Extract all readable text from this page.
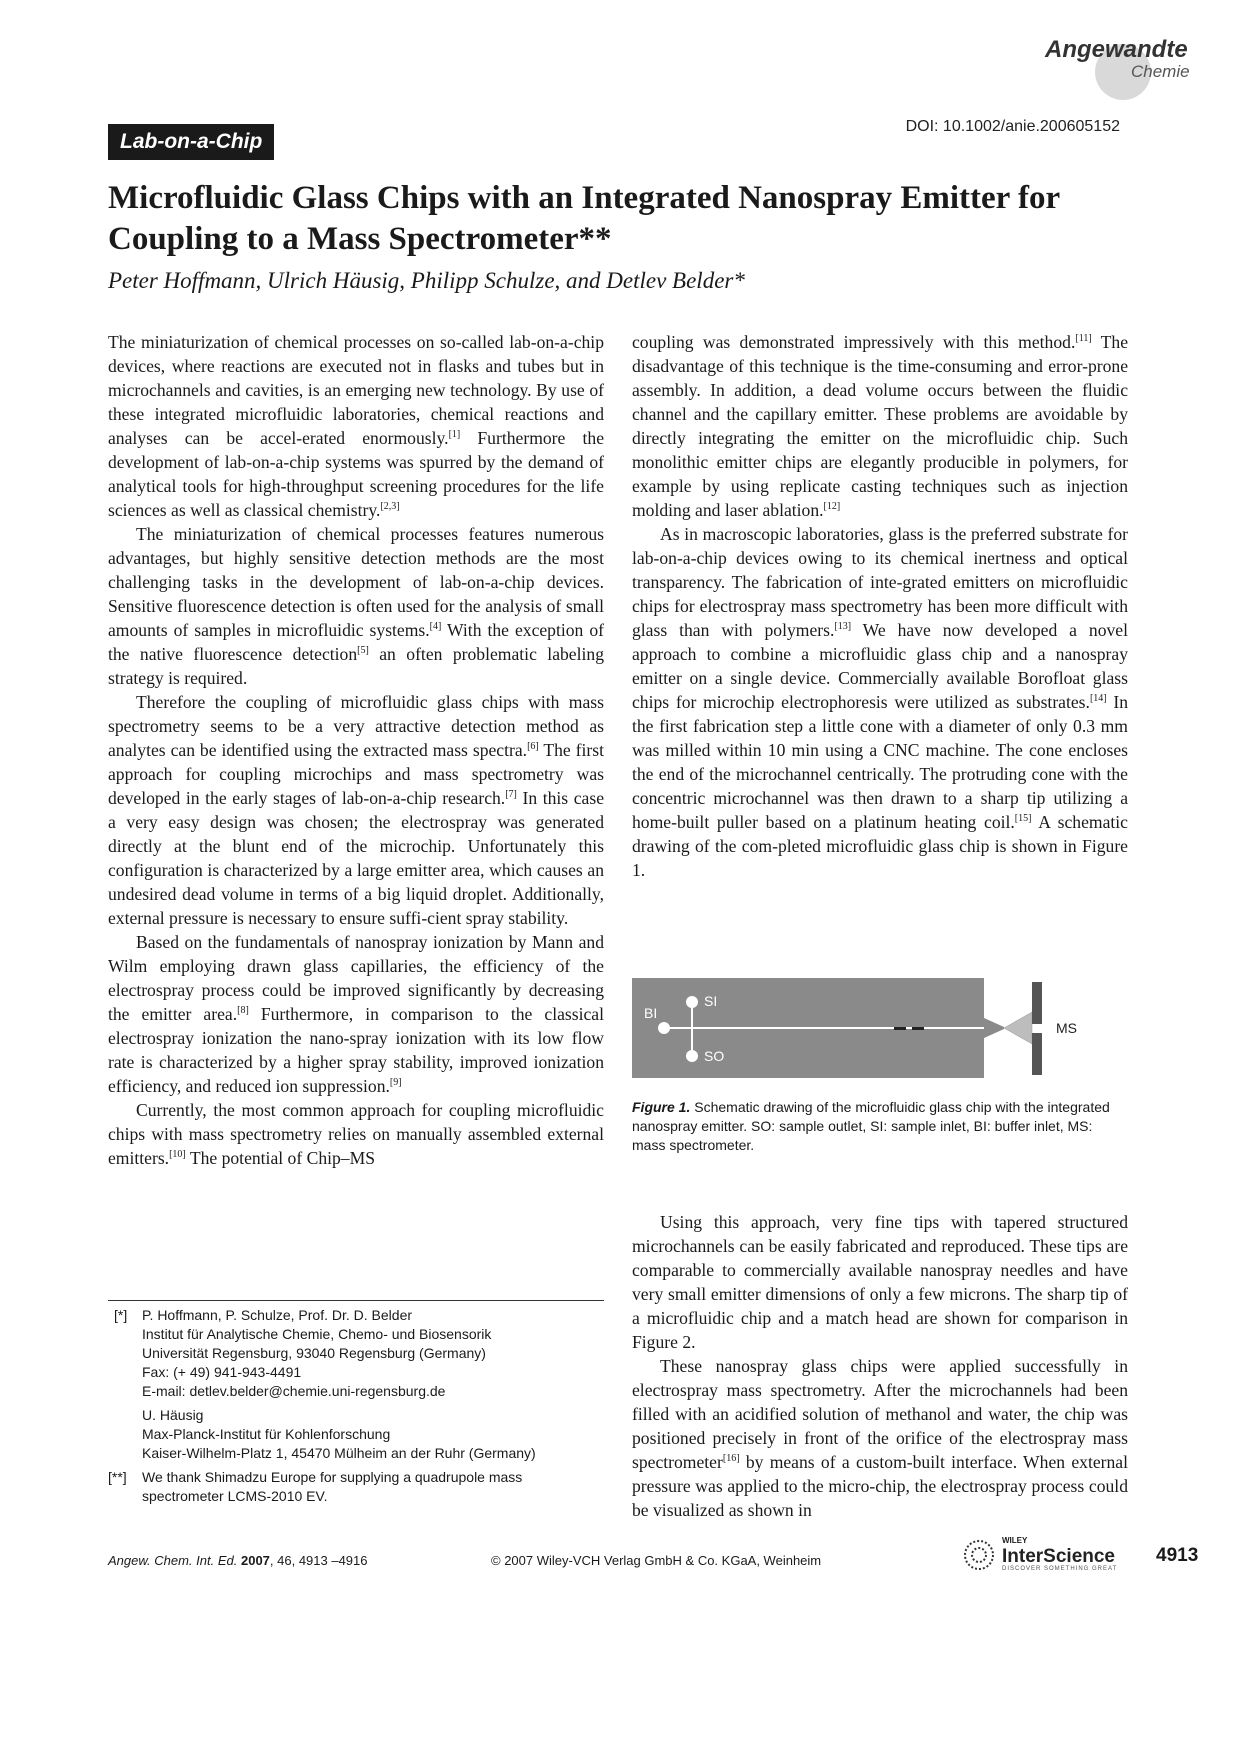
Angewandte
Chemie
Lab-on-a-Chip
DOI: 10.1002/anie.200605152
Microfluidic Glass Chips with an Integrated Nanospray Emitter for
Coupling to a Mass Spectrometer**
Peter Hoffmann, Ulrich Häusig, Philipp Schulze, and Detlev Belder*

The miniaturization of chemical processes on so-called lab-on-a-chip devices, where reactions are executed not in flasks and tubes but in microchannels and cavities, is an emerging new technology. By use of these integrated microfluidic laboratories, chemical reactions and analyses can be accel-erated enormously.[1] Furthermore the development of lab-on-a-chip systems was spurred by the demand of analytical tools for high-throughput screening procedures for the life sciences as well as classical chemistry.[2,3]

The miniaturization of chemical processes features numerous advantages, but highly sensitive detection methods are the most challenging tasks in the development of lab-on-a-chip devices. Sensitive fluorescence detection is often used for the analysis of small amounts of samples in microfluidic systems.[4] With the exception of the native fluorescence detection[5] an often problematic labeling strategy is required.

Therefore the coupling of microfluidic glass chips with mass spectrometry seems to be a very attractive detection method as analytes can be identified using the extracted mass spectra.[6] The first approach for coupling microchips and mass spectrometry was developed in the early stages of lab-on-a-chip research.[7] In this case a very easy design was chosen; the electrospray was generated directly at the blunt end of the microchip. Unfortunately this configuration is characterized by a large emitter area, which causes an undesired dead volume in terms of a big liquid droplet. Additionally, external pressure is necessary to ensure suffi-cient spray stability.

Based on the fundamentals of nanospray ionization by Mann and Wilm employing drawn glass capillaries, the efficiency of the electrospray process could be improved significantly by decreasing the emitter area.[8] Furthermore, in comparison to the classical electrospray ionization the nano-spray ionization with its low flow rate is characterized by a higher spray stability, improved ionization efficiency, and reduced ion suppression.[9]

Currently, the most common approach for coupling microfluidic chips with mass spectrometry relies on manually assembled external emitters.[10] The potential of Chip–MS

coupling was demonstrated impressively with this method.[11] The disadvantage of this technique is the time-consuming and error-prone assembly. In addition, a dead volume occurs between the fluidic channel and the capillary emitter. These problems are avoidable by directly integrating the emitter on the microfluidic chip. Such monolithic emitter chips are elegantly producible in polymers, for example by using replicate casting techniques such as injection molding and laser ablation.[12]

As in macroscopic laboratories, glass is the preferred substrate for lab-on-a-chip devices owing to its chemical inertness and optical transparency. The fabrication of inte-grated emitters on microfluidic chips for electrospray mass spectrometry has been more difficult with glass than with polymers.[13] We have now developed a novel approach to combine a microfluidic glass chip and a nanospray emitter on a single device. Commercially available Borofloat glass chips for microchip electrophoresis were utilized as substrates.[14] In the first fabrication step a little cone with a diameter of only 0.3 mm was milled within 10 min using a CNC machine. The cone encloses the end of the microchannel centrically. The protruding cone with the concentric microchannel was then drawn to a sharp tip utilizing a home-built puller based on a platinum heating coil.[15] A schematic drawing of the com-pleted microfluidic glass chip is shown in Figure 1.

BI
SI
SO
MS
Figure 1. Schematic drawing of the microfluidic glass chip with the integrated nanospray emitter. SO: sample outlet, SI: sample inlet, BI: buffer inlet, MS: mass spectrometer.

Using this approach, very fine tips with tapered structured microchannels can be easily fabricated and reproduced. These tips are comparable to commercially available nanospray needles and have very small emitter dimensions of only a few microns. The sharp tip of a microfluidic chip and a match head are shown for comparison in Figure 2.

These nanospray glass chips were applied successfully in electrospray mass spectrometry. After the microchannels had been filled with an acidified solution of methanol and water, the chip was positioned precisely in front of the orifice of the electrospray mass spectrometer[16] by means of a custom-built interface. When external pressure was applied to the micro-chip, the electrospray process could be visualized as shown in

[*] P. Hoffmann, P. Schulze, Prof. Dr. D. Belder
Institut für Analytische Chemie, Chemo- und Biosensorik
Universität Regensburg, 93040 Regensburg (Germany)
Fax: (+ 49) 941-943-4491
E-mail: detlev.belder@chemie.uni-regensburg.de
U. Häusig
Max-Planck-Institut für Kohlenforschung
Kaiser-Wilhelm-Platz 1, 45470 Mülheim an der Ruhr (Germany)
[**] We thank Shimadzu Europe for supplying a quadrupole mass
spectrometer LCMS-2010 EV.
Angew. Chem. Int. Ed. 2007, 46, 4913 –4916	© 2007 Wiley-VCH Verlag GmbH & Co. KGaA, Weinheim
WILEY
InterScience
DISCOVER SOMETHING GREAT
4913
